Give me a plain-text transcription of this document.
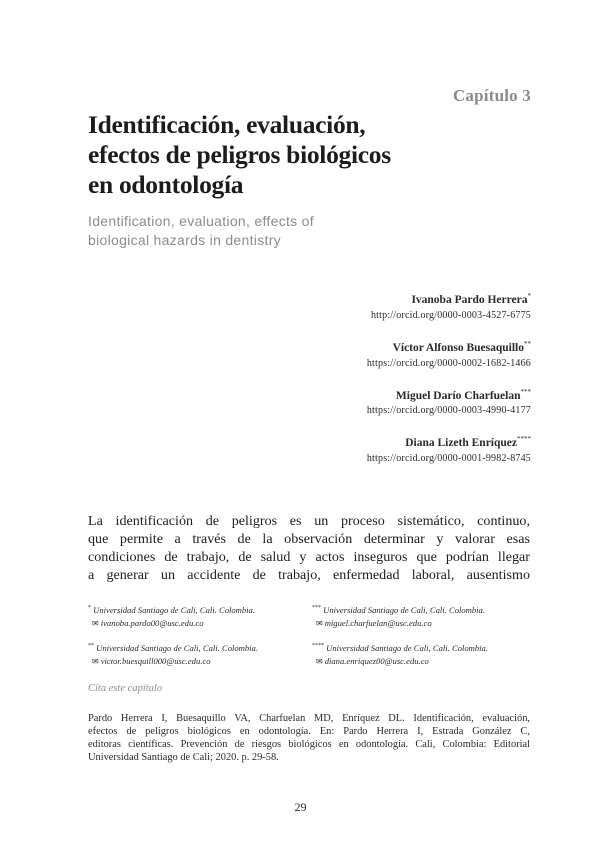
Capítulo 3
Identificación, evaluación,
efectos de peligros biológicos
en odontología
Identification, evaluation, effects of
biological hazards in dentistry
Ivanoba Pardo Herrera*
http://orcid.org/0000-0003-4527-6775
Víctor Alfonso Buesaquillo**
https://orcid.org/0000-0002-1682-1466
Miguel Darío Charfuelan***
https://orcid.org/0000-0003-4990-4177
Diana Lizeth Enríquez****
https://orcid.org/0000-0001-9982-8745
La identificación de peligros es un proceso sistemático, continuo,
que permite a través de la observación determinar y valorar esas
condiciones de trabajo, de salud y actos inseguros que podrían llegar
a generar un accidente de trabajo, enfermedad laboral, ausentismo
* Universidad Santiago de Cali, Cali. Colombia.
✉ ivanoba.pardo00@usc.edu.co
*** Universidad Santiago de Cali, Cali. Colombia.
✉ miguel.charfuelan@usc.edu.co
** Universidad Santiago de Cali, Cali. Colombia.
✉ victor.buesquill000@usc.edu.co
**** Universidad Santiago de Cali, Cali. Colombia.
✉ diana.enriquez00@usc.edu.co
Cita este capítulo
Pardo Herrera I, Buesaquillo VA, Charfuelan MD, Enríquez DL. Identificación, evaluación,
efectos de peligros biológicos en odontología. En: Pardo Herrera I, Estrada González C,
editoras científicas. Prevención de riesgos biológicos en odontología. Cali, Colombia: Editorial
Universidad Santiago de Cali; 2020. p. 29-58.
29
